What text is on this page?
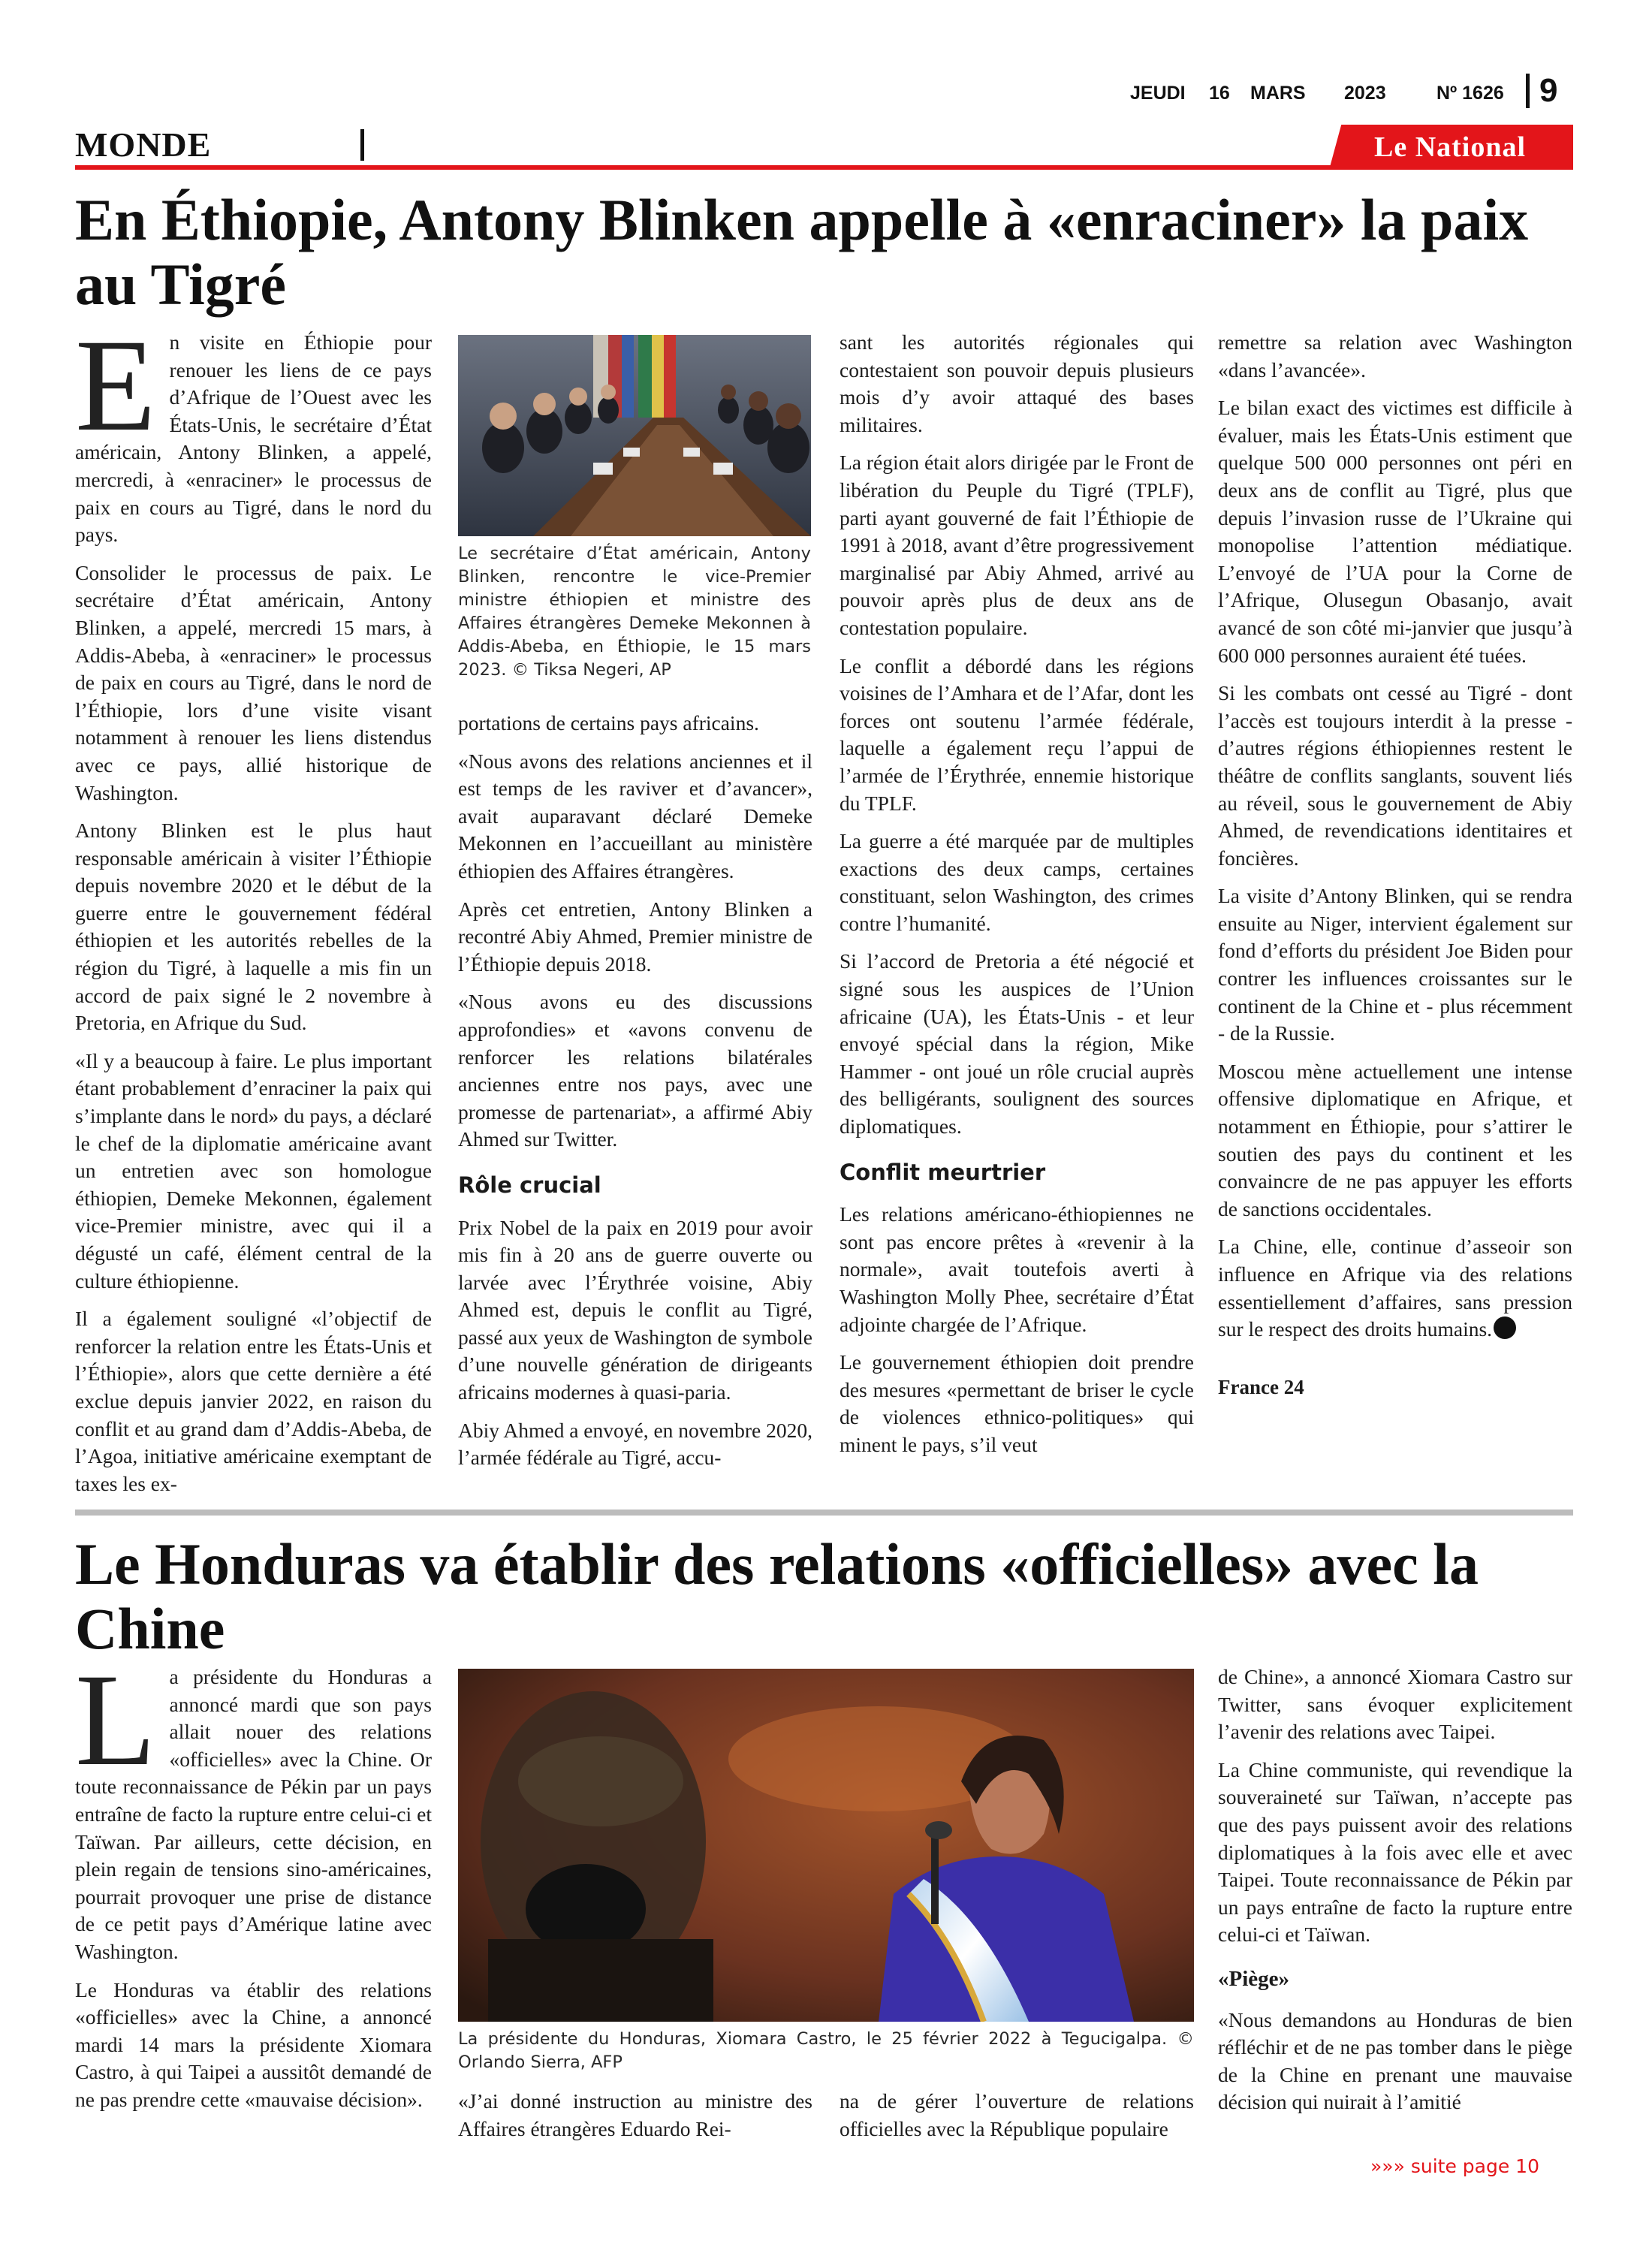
JEUDI 16 MARS 2023	Nº 1626 9
MONDE	Le National
En Éthiopie, Antony Blinken appelle à «enraciner» la paix au Tigré

En visite en Éthiopie pour renouer les liens de ce pays d’Afrique de l’Ouest avec les États-Unis, le secrétaire d’État américain, Antony Blinken, a appelé, mercredi, à «enraciner» le processus de paix en cours au Tigré, dans le nord du pays.

Consolider le processus de paix. Le secrétaire d’État américain, Antony Blinken, a appelé, mercredi 15 mars, à Addis-Abeba, à «enraciner» le processus de paix en cours au Tigré, dans le nord de l’Éthiopie, lors d’une visite visant notamment à renouer les liens distendus avec ce pays, allié historique de Washington.

Antony Blinken est le plus haut responsable américain à visiter l’Éthiopie depuis novembre 2020 et le début de la guerre entre le gouvernement fédéral éthiopien et les autorités rebelles de la région du Tigré, à laquelle a mis fin un accord de paix signé le 2 novembre à Pretoria, en Afrique du Sud.

«Il y a beaucoup à faire. Le plus important étant probablement d’enraciner la paix qui s’implante dans le nord» du pays, a déclaré le chef de la diplomatie américaine avant un entretien avec son homologue éthiopien, Demeke Mekonnen, également vice-Premier ministre, avec qui il a dégusté un café, élément central de la culture éthiopienne.

Il a également souligné «l’objectif de renforcer la relation entre les États-Unis et l’Éthiopie», alors que cette dernière a été exclue depuis janvier 2022, en raison du conflit et au grand dam d’Addis-Abeba, de l’Agoa, initiative américaine exemptant de taxes les ex-

Le secrétaire d’État américain, Antony Blinken, rencontre le vice-Premier ministre éthiopien et ministre des Affaires étrangères Demeke Mekonnen à Addis-Abeba, en Éthiopie, le 15 mars 2023. © Tiksa Negeri, AP

portations de certains pays africains.

«Nous avons des relations anciennes et il est temps de les raviver et d’avancer», avait auparavant déclaré Demeke Mekonnen en l’accueillant au ministère éthiopien des Affaires étrangères.

Après cet entretien, Antony Blinken a recontré Abiy Ahmed, Premier ministre de l’Éthiopie depuis 2018.

«Nous avons eu des discussions approfondies» et «avons convenu de renforcer les relations bilatérales anciennes entre nos pays, avec une promesse de partenariat», a affirmé Abiy Ahmed sur Twitter.

Rôle crucial

Prix Nobel de la paix en 2019 pour avoir mis fin à 20 ans de guerre ouverte ou larvée avec l’Érythrée voisine, Abiy Ahmed est, depuis le conflit au Tigré, passé aux yeux de Washington de symbole d’une nouvelle génération de dirigeants africains modernes à quasi-paria.

Abiy Ahmed a envoyé, en novembre 2020, l’armée fédérale au Tigré, accu-

sant les autorités régionales qui contestaient son pouvoir depuis plusieurs mois d’y avoir attaqué des bases militaires.

La région était alors dirigée par le Front de libération du Peuple du Tigré (TPLF), parti ayant gouverné de fait l’Éthiopie de 1991 à 2018, avant d’être progressivement marginalisé par Abiy Ahmed, arrivé au pouvoir après plus de deux ans de contestation populaire.

Le conflit a débordé dans les régions voisines de l’Amhara et de l’Afar, dont les forces ont soutenu l’armée fédérale, laquelle a également reçu l’appui de l’armée de l’Érythrée, ennemie historique du TPLF.

La guerre a été marquée par de multiples exactions des deux camps, certaines constituant, selon Washington, des crimes contre l’humanité.

Si l’accord de Pretoria a été négocié et signé sous les auspices de l’Union africaine (UA), les États-Unis - et leur envoyé spécial dans la région, Mike Hammer - ont joué un rôle crucial auprès des belligérants, soulignent des sources diplomatiques.

Conflit meurtrier

Les relations américano-éthiopiennes ne sont pas encore prêtes à «revenir à la normale», avait toutefois averti à Washington Molly Phee, secrétaire d’État adjointe chargée de l’Afrique.

Le gouvernement éthiopien doit prendre des mesures «permettant de briser le cycle de violences ethnico-politiques» qui minent le pays, s’il veut

remettre sa relation avec Washington «dans l’avancée».

Le bilan exact des victimes est difficile à évaluer, mais les États-Unis estiment que quelque 500 000 personnes ont péri en deux ans de conflit au Tigré, plus que depuis l’invasion russe de l’Ukraine qui monopolise l’attention médiatique. L’envoyé de l’UA pour la Corne de l’Afrique, Olusegun Obasanjo, avait avancé de son côté mi-janvier que jusqu’à 600 000 personnes auraient été tuées.

Si les combats ont cessé au Tigré - dont l’accès est toujours interdit à la presse - d’autres régions éthiopiennes restent le théâtre de conflits sanglants, souvent liés au réveil, sous le gouvernement de Abiy Ahmed, de revendications identitaires et foncières.

La visite d’Antony Blinken, qui se rendra ensuite au Niger, intervient également sur fond d’efforts du président Joe Biden pour contrer les influences croissantes sur le continent de la Chine et - plus récemment - de la Russie.

Moscou mène actuellement une intense offensive diplomatique en Afrique, et notamment en Éthiopie, pour s’attirer le soutien des pays du continent et les convaincre de ne pas appuyer les efforts de sanctions occidentales.

La Chine, elle, continue d’asseoir son influence en Afrique via des relations essentiellement d’affaires, sans pression sur le respect des droits humains.

France 24
Le Honduras va établir des relations «officielles» avec la Chine

La présidente du Honduras a annoncé mardi que son pays allait nouer des relations «officielles» avec la Chine. Or toute reconnaissance de Pékin par un pays entraîne de facto la rupture entre celui-ci et Taïwan. Par ailleurs, cette décision, en plein regain de tensions sino-américaines, pourrait provoquer une prise de distance de ce petit pays d’Amérique latine avec Washington.

Le Honduras va établir des relations «officielles» avec la Chine, a annoncé mardi 14 mars la présidente Xiomara Castro, à qui Taipei a aussitôt demandé de ne pas prendre cette «mauvaise décision».

La présidente du Honduras, Xiomara Castro, le 25 février 2022 à Tegucigalpa. © Orlando Sierra, AFP

«J’ai donné instruction au ministre des Affaires étrangères Eduardo Rei-

na de gérer l’ouverture de relations officielles avec la République populaire

de Chine», a annoncé Xiomara Castro sur Twitter, sans évoquer explicitement l’avenir des relations avec Taipei.

La Chine communiste, qui revendique la souveraineté sur Taïwan, n’accepte pas que des pays puissent avoir des relations diplomatiques à la fois avec elle et avec Taipei. Toute reconnaissance de Pékin par un pays entraîne de facto la rupture entre celui-ci et Taïwan.

«Piège»

«Nous demandons au Honduras de bien réfléchir et de ne pas tomber dans le piège de la Chine en prenant une mauvaise décision qui nuirait à l’amitié

»»» suite page 10
